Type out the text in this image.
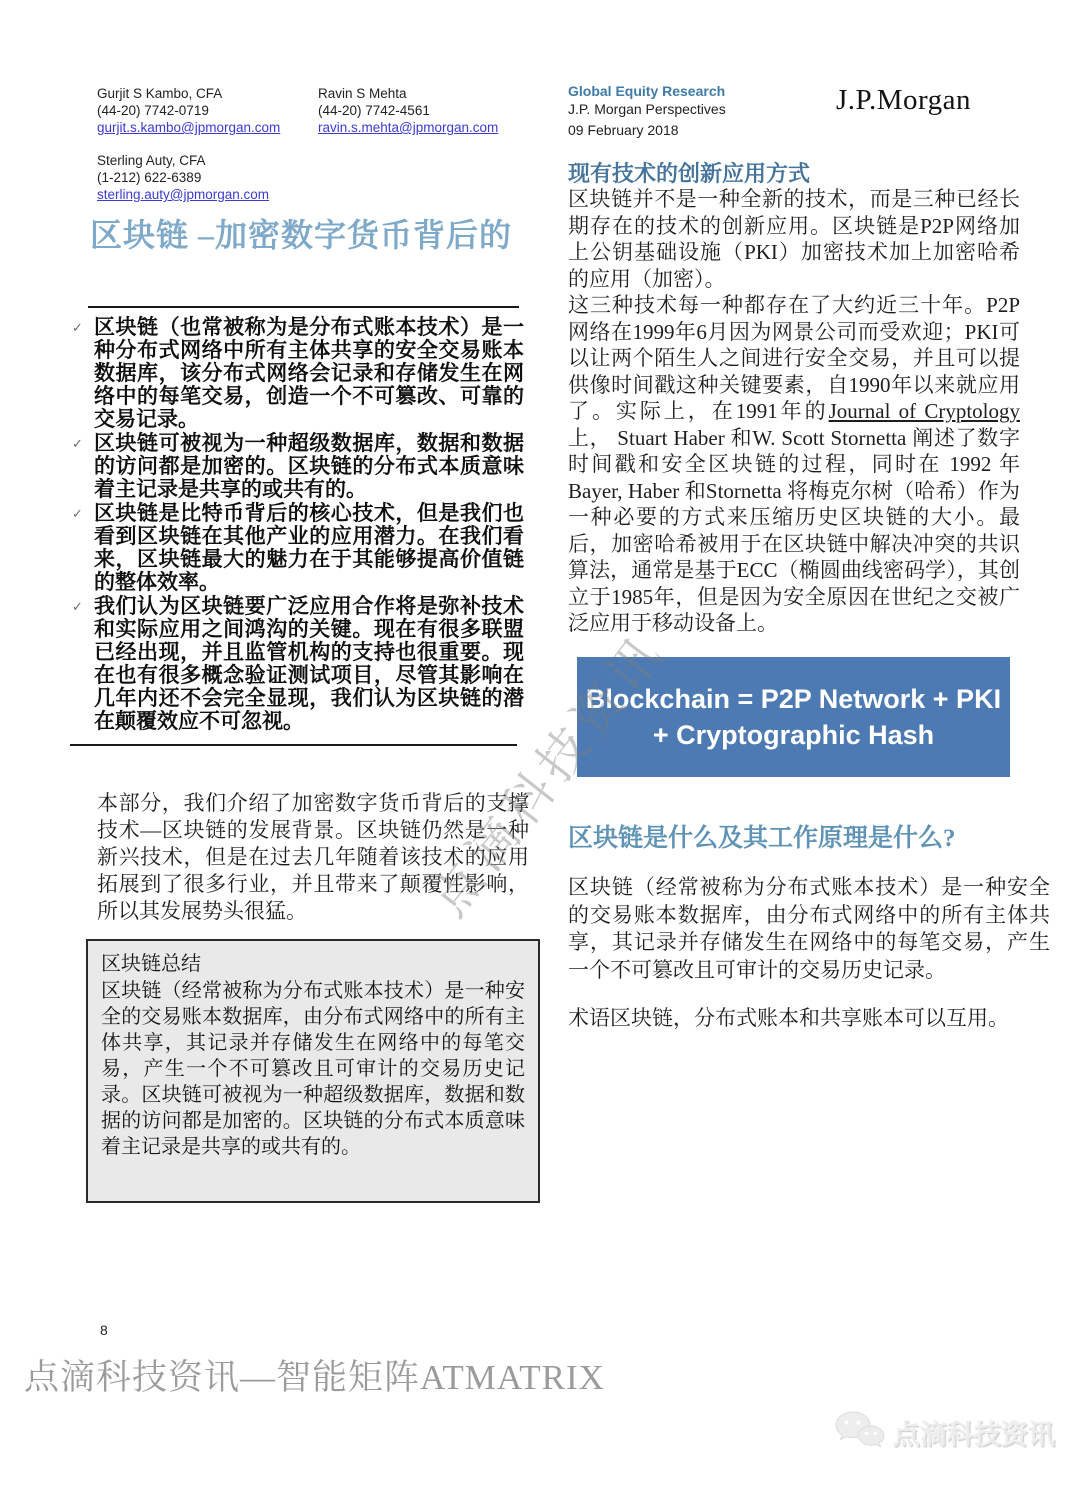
Gurjit S Kambo, CFA
(44-20) 7742-0719
gurjit.s.kambo@jpmorgan.com
Ravin S Mehta
(44-20) 7742-4561
ravin.s.mehta@jpmorgan.com
Sterling Auty, CFA
(1-212) 622-6389
sterling.auty@jpmorgan.com
Global Equity Research
J.P. Morgan Perspectives
09 February 2018
J.P.Morgan
区块链 –加密数字货币背后的
✓ 区块链（也常被称为是分布式账本技术）是一种分布式网络中所有主体共享的安全交易账本数据库，该分布式网络会记录和存储发生在网络中的每笔交易，创造一个不可篡改、可靠的交易记录。
✓ 区块链可被视为一种超级数据库，数据和数据的访问都是加密的。区块链的分布式本质意味着主记录是共享的或共有的。
✓ 区块链是比特币背后的核心技术，但是我们也看到区块链在其他产业的应用潜力。在我们看来，区块链最大的魅力在于其能够提高价值链的整体效率。
✓ 我们认为区块链要广泛应用合作将是弥补技术和实际应用之间鸿沟的关键。现在有很多联盟已经出现，并且监管机构的支持也很重要。现在也有很多概念验证测试项目，尽管其影响在几年内还不会完全显现，我们认为区块链的潜在颠覆效应不可忽视。
本部分，我们介绍了加密数字货币背后的支撑技术—区块链的发展背景。区块链仍然是一种新兴技术，但是在过去几年随着该技术的应用拓展到了很多行业，并且带来了颠覆性影响，所以其发展势头很猛。
区块链总结
区块链（经常被称为分布式账本技术）是一种安全的交易账本数据库，由分布式网络中的所有主体共享，其记录并存储发生在网络中的每笔交易，产生一个不可篡改且可审计的交易历史记录。区块链可被视为一种超级数据库，数据和数据的访问都是加密的。区块链的分布式本质意味着主记录是共享的或共有的。
8
点滴科技资讯—智能矩阵ATMATRIX
现有技术的创新应用方式

区块链并不是一种全新的技术，而是三种已经长期存在的技术的创新应用。区块链是P2P网络加上公钥基础设施（PKI）加密技术加上加密哈希的应用（加密）。

这三种技术每一种都存在了大约近三十年。P2P网络在1999年6月因为网景公司而受欢迎；PKI可以让两个陌生人之间进行安全交易，并且可以提供像时间戳这种关键要素，自1990年以来就应用了。实际上，在1991年的Journal of Cryptology上， Stuart Haber 和W. Scott Stornetta 阐述了数字时间戳和安全区块链的过程，同时在 1992 年Bayer, Haber 和Stornetta 将梅克尔树（哈希）作为一种必要的方式来压缩历史区块链的大小。最后，加密哈希被用于在区块链中解决冲突的共识算法，通常是基于ECC（椭圆曲线密码学），其创立于1985年，但是因为安全原因在世纪之交被广泛应用于移动设备上。

Blockchain = P2P Network + PKI + Cryptographic Hash
区块链是什么及其工作原理是什么?
区块链（经常被称为分布式账本技术）是一种安全的交易账本数据库，由分布式网络中的所有主体共享，其记录并存储发生在网络中的每笔交易，产生一个不可篡改且可审计的交易历史记录。
术语区块链，分布式账本和共享账本可以互用。
点滴科技资讯
点滴科技资讯
